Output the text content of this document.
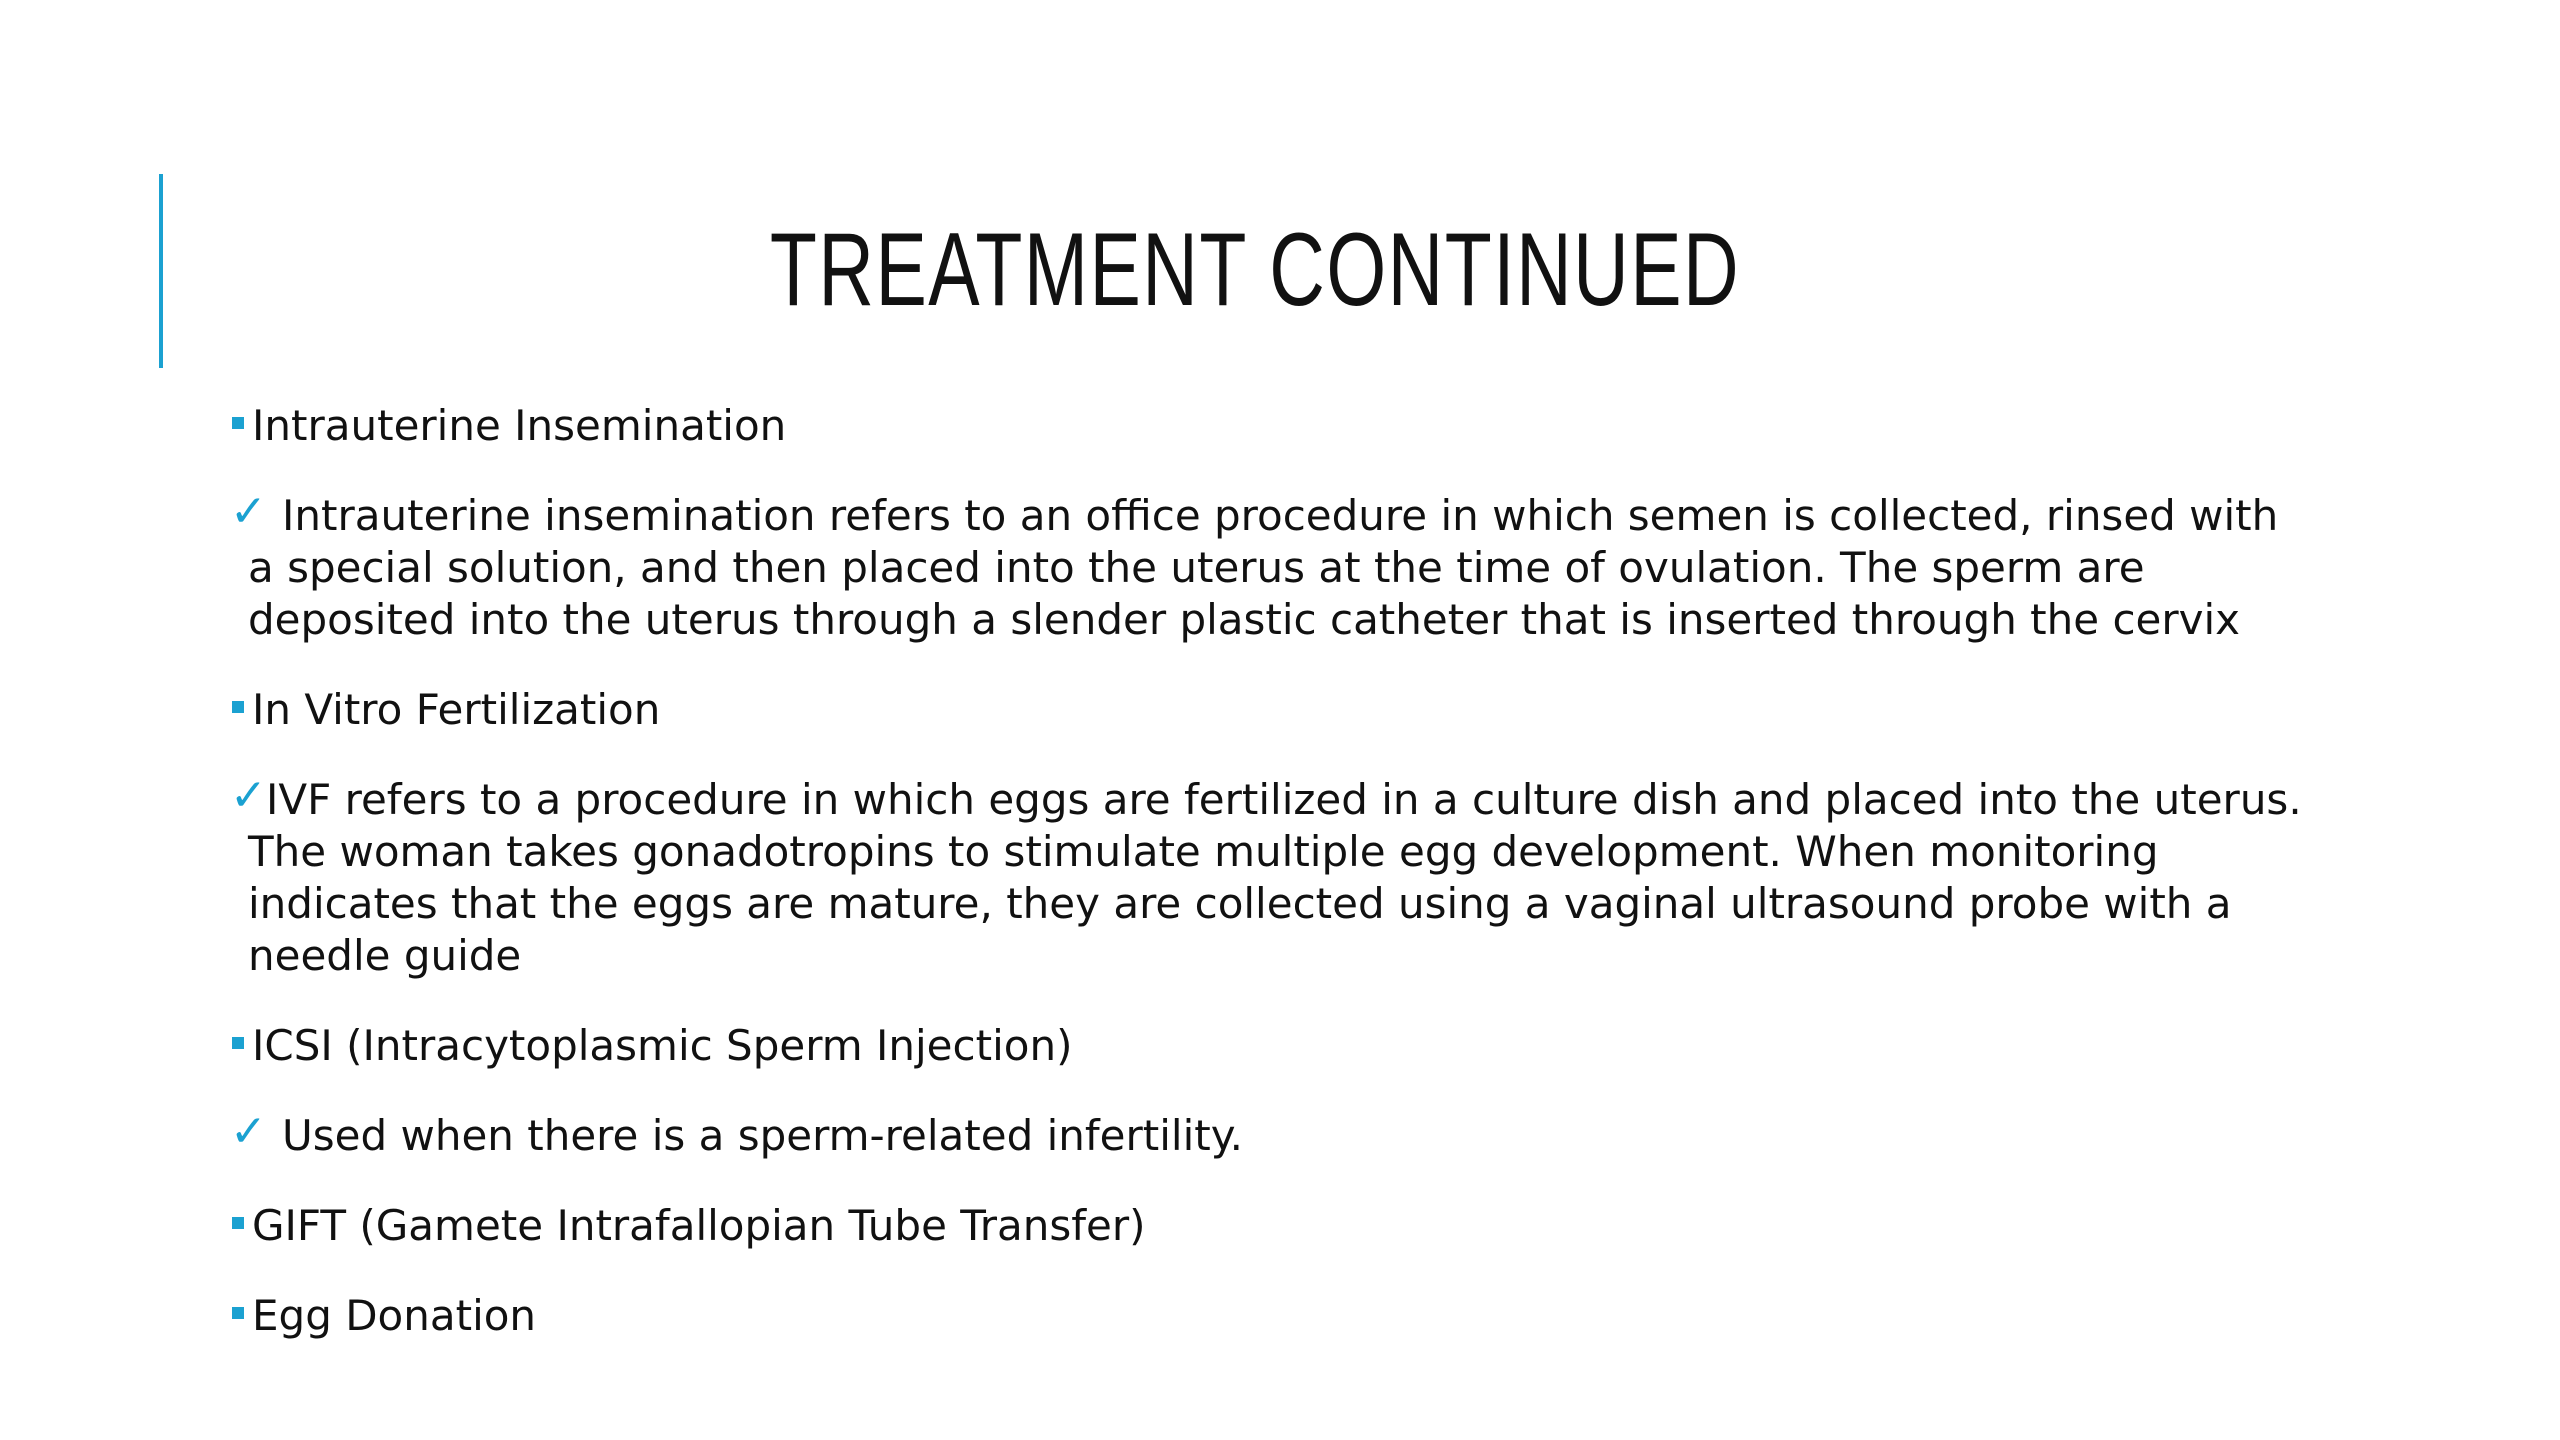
TREATMENT CONTINUED
Intrauterine Insemination
✓ Intrauterine insemination refers to an office procedure in which semen is collected, rinsed with a special solution, and then placed into the uterus at the time of ovulation. The sperm are deposited into the uterus through a slender plastic catheter that is inserted through the cervix
In Vitro Fertilization
✓ IVF refers to a procedure in which eggs are fertilized in a culture dish and placed into the uterus. The woman takes gonadotropins to stimulate multiple egg development. When monitoring indicates that the eggs are mature, they are collected using a vaginal ultrasound probe with a needle guide
ICSI (Intracytoplasmic Sperm Injection)
✓ Used when there is a sperm-related infertility.
GIFT (Gamete Intrafallopian Tube Transfer)
Egg Donation
